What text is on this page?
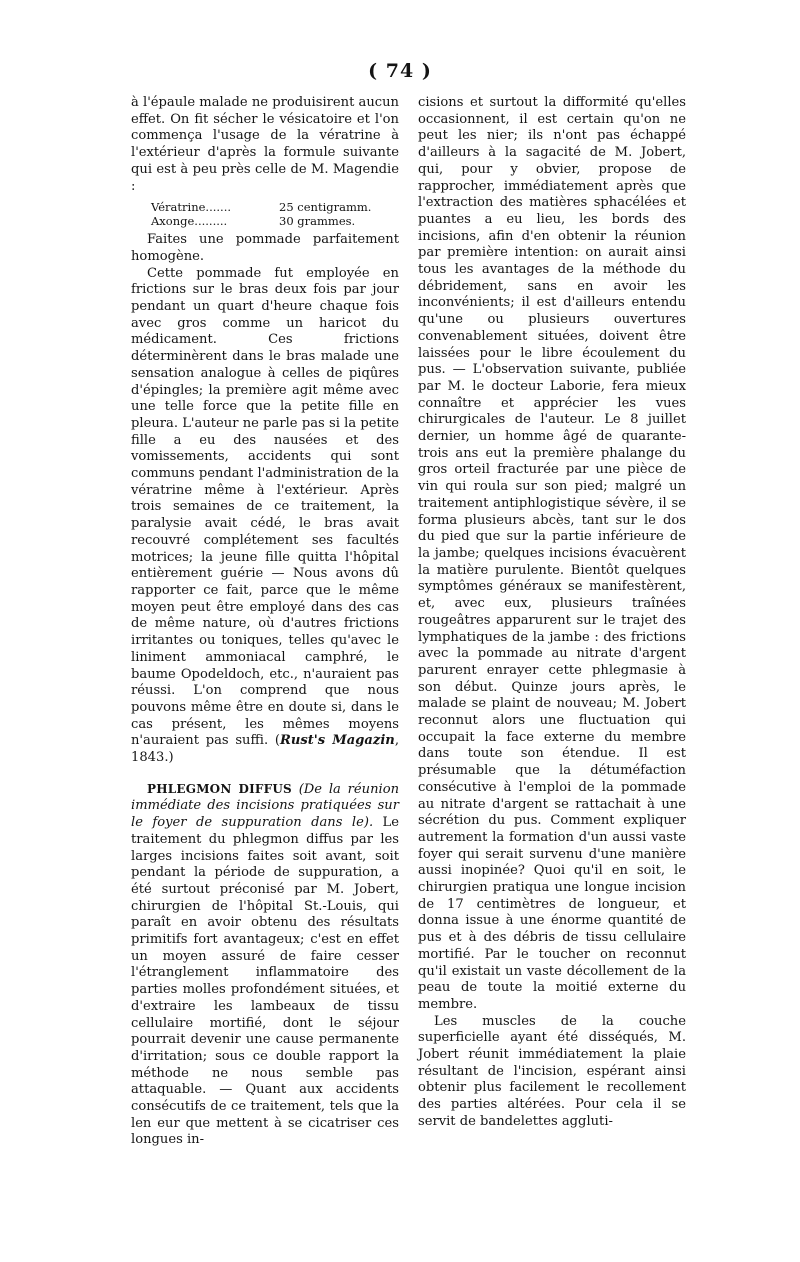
( 74 )

à l'épaule malade ne produisirent aucun effet. On fit sécher le vésicatoire et l'on commença l'usage de la vératrine à l'extérieur d'après la formule suivante qui est à peu près celle de M. Magendie :

Vératrine.......	25 centigramm.
Axonge.........	30 grammes.

Faites une pommade parfaitement homogène.

Cette pommade fut employée en frictions sur le bras deux fois par jour pendant un quart d'heure chaque fois avec gros comme un haricot du médicament. Ces frictions déterminèrent dans le bras malade une sensation analogue à celles de piqûres d'épingles; la première agit même avec une telle force que la petite fille en pleura. L'auteur ne parle pas si la petite fille a eu des nausées et des vomissements, accidents qui sont communs pendant l'administration de la vératrine même à l'extérieur. Après trois semaines de ce traitement, la paralysie avait cédé, le bras avait recouvré complétement ses facultés motrices; la jeune fille quitta l'hôpital entièrement guérie — Nous avons dû rapporter ce fait, parce que le même moyen peut être employé dans des cas de même nature, où d'autres frictions irritantes ou toniques, telles qu'avec le liniment ammoniacal camphré, le baume Opodeldoch, etc., n'auraient pas réussi. L'on comprend que nous pouvons même être en doute si, dans le cas présent, les mêmes moyens n'auraient pas suffi. (Rust's Magazin, 1843.)

PHLEGMON DIFFUS (De la réunion immédiate des incisions pratiquées sur le foyer de suppuration dans le). Le traitement du phlegmon diffus par les larges incisions faites soit avant, soit pendant la période de suppuration, a été surtout préconisé par M. Jobert, chirurgien de l'hôpital St.-Louis, qui paraît en avoir obtenu des résultats primitifs fort avantageux; c'est en effet un moyen assuré de faire cesser l'étranglement inflammatoire des parties molles profondément situées, et d'extraire les lambeaux de tissu cellulaire mortifié, dont le séjour pourrait devenir une cause permanente d'irritation; sous ce double rapport la méthode ne nous semble pas attaquable. — Quant aux accidents consécutifs de ce traitement, tels que la len eur que mettent à se cicatriser ces longues in-

cisions et surtout la difformité qu'elles occasionnent, il est certain qu'on ne peut les nier; ils n'ont pas échappé d'ailleurs à la sagacité de M. Jobert, qui, pour y obvier, propose de rapprocher, immédiatement après que l'extraction des matières sphacélées et puantes a eu lieu, les bords des incisions, afin d'en obtenir la réunion par première intention: on aurait ainsi tous les avantages de la méthode du débridement, sans en avoir les inconvénients; il est d'ailleurs entendu qu'une ou plusieurs ouvertures convenablement situées, doivent être laissées pour le libre écoulement du pus. — L'observation suivante, publiée par M. le docteur Laborie, fera mieux connaître et apprécier les vues chirurgicales de l'auteur. Le 8 juillet dernier, un homme âgé de quarante-trois ans eut la première phalange du gros orteil fracturée par une pièce de vin qui roula sur son pied; malgré un traitement antiphlogistique sévère, il se forma plusieurs abcès, tant sur le dos du pied que sur la partie inférieure de la jambe; quelques incisions évacuèrent la matière purulente. Bientôt quelques symptômes généraux se manifestèrent, et, avec eux, plusieurs traînées rougeâtres apparurent sur le trajet des lymphatiques de la jambe : des frictions avec la pommade au nitrate d'argent parurent enrayer cette phlegmasie à son début. Quinze jours après, le malade se plaint de nouveau; M. Jobert reconnut alors une fluctuation qui occupait la face externe du membre dans toute son étendue. Il est présumable que la détuméfaction consécutive à l'emploi de la pommade au nitrate d'argent se rattachait à une sécrétion du pus. Comment expliquer autrement la formation d'un aussi vaste foyer qui serait survenu d'une manière aussi inopinée? Quoi qu'il en soit, le chirurgien pratiqua une longue incision de 17 centimètres de longueur, et donna issue à une énorme quantité de pus et à des débris de tissu cellulaire mortifié. Par le toucher on reconnut qu'il existait un vaste décollement de la peau de toute la moitié externe du membre.

Les muscles de la couche superficielle ayant été disséqués, M. Jobert réunit immédiatement la plaie résultant de l'incision, espérant ainsi obtenir plus facilement le recollement des parties altérées. Pour cela il se servit de bandelettes aggluti-
